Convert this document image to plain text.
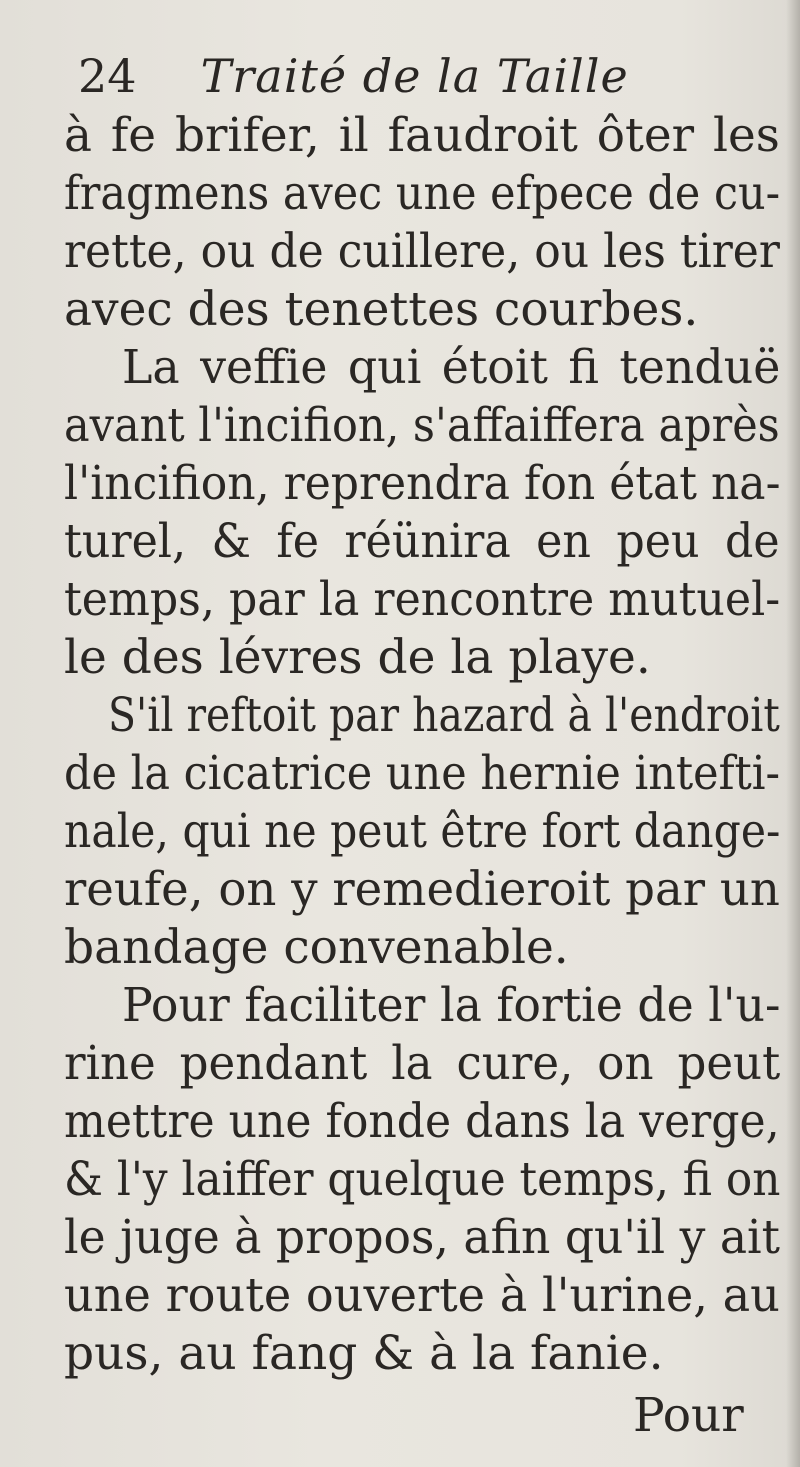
24 Traité de la Taille
à fe brifer, il faudroit ôter les
fragmens avec une efpece de cu-
rette, ou de cuillere, ou les tirer
avec des tenettes courbes.
La veffie qui étoit fi tenduë
avant l'incifion, s'affaiffera après
l'incifion, reprendra fon état na-
turel, & fe réünira en peu de
temps, par la rencontre mutuel-
le des lévres de la playe.
S'il reftoit par hazard à l'endroit
de la cicatrice une hernie intefti-
nale, qui ne peut être fort dange-
reufe, on y remedieroit par un
bandage convenable.
Pour faciliter la fortie de l'u-
rine pendant la cure, on peut
mettre une fonde dans la verge,
& l'y laiffer quelque temps, fi on
le juge à propos, afin qu'il y ait
une route ouverte à l'urine, au
pus, au fang & à la fanie.
Pour
